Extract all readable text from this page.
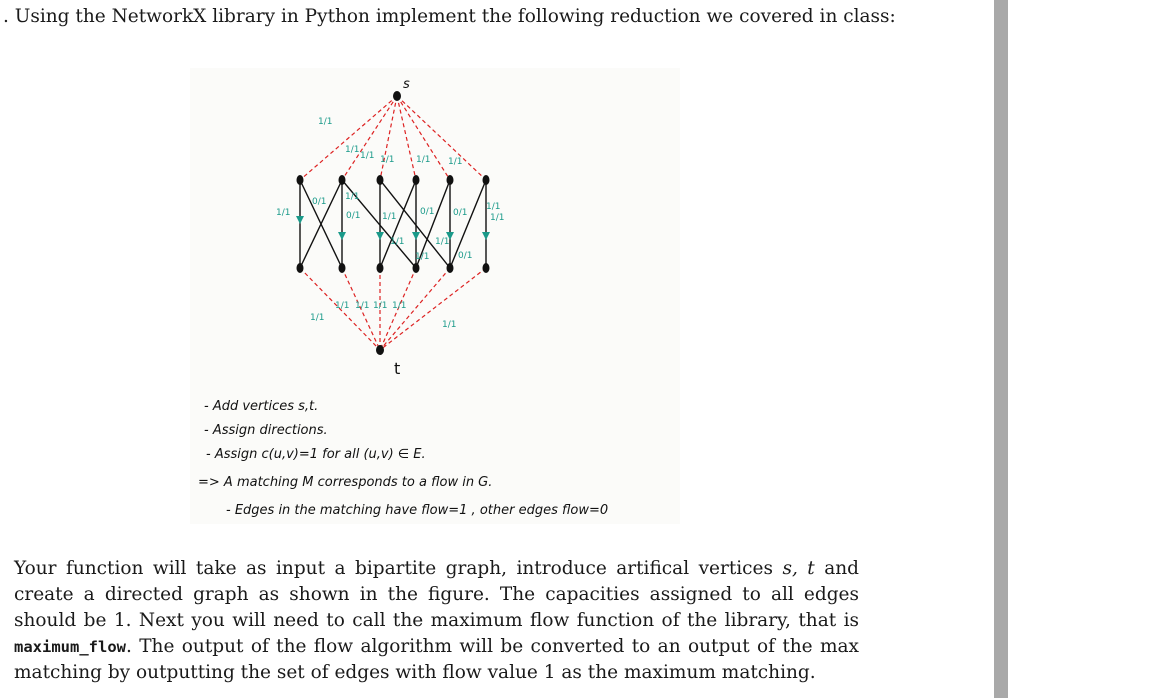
. Using the NetworkX library in Python implement the following reduction we covered in class:
s
t
1/1
1/1
1/1 1/1 1/1 1/1
1/1
0/1 1/1
0/1 1/1	0/1 0/1	1/1
1/1
1/1
1/1
0/1
1/1
1/1
1/1 1/1 1/1 1/1
1/1
- Add vertices s,t.
- Assign directions.
- Assign c(u,v)=1 for all (u,v) ∈ E.
=> A matching M corresponds to a flow in G.
- Edges in the matching have flow=1 , other edges flow=0
Your function will take as input a bipartite graph, introduce artifical vertices s, t and create a directed graph as shown in the figure. The capacities assigned to all edges should be 1. Next you will need to call the maximum flow function of the library, that is maximum_flow. The output of the flow algorithm will be converted to an output of the max matching by outputting the set of edges with flow value 1 as the maximum matching.
